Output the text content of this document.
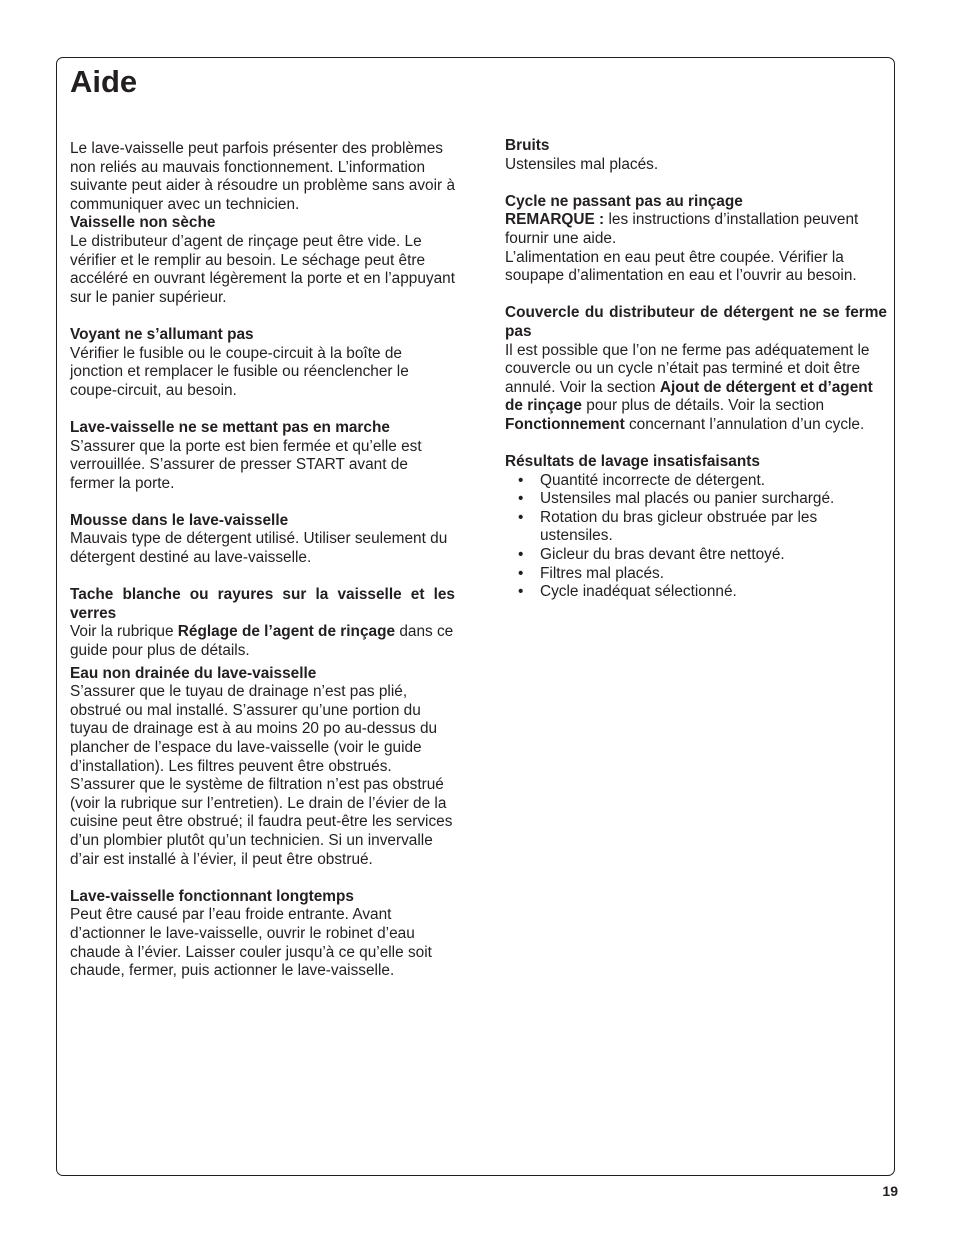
Aide

Le lave-vaisselle peut parfois présenter des problèmes non reliés au mauvais fonctionnement. L’information suivante peut aider à résoudre un problème sans avoir à communiquer avec un technicien.

Vaisselle non sèche

Le distributeur d’agent de rinçage peut être vide. Le vérifier et le remplir au besoin. Le séchage peut être accéléré en ouvrant légèrement la porte et en l’appuyant sur le panier supérieur.

Voyant ne s’allumant pas

Vérifier le fusible ou le coupe-circuit à la boîte de jonction et remplacer le fusible ou réenclencher le coupe-circuit, au besoin.

Lave-vaisselle ne se mettant pas en marche

S’assurer que la porte est bien fermée et qu’elle est verrouillée. S’assurer de presser START avant de fermer la porte.

Mousse dans le lave-vaisselle

Mauvais type de détergent utilisé. Utiliser seulement du détergent destiné au lave-vaisselle.

Tache blanche ou rayures sur la vaisselle et les verres

Voir la rubrique Réglage de l’agent de rinçage dans ce guide pour plus de détails.

Eau non drainée du lave-vaisselle

S’assurer que le tuyau de drainage n’est pas plié, obstrué ou mal installé. S’assurer qu’une portion du tuyau de drainage est à au moins 20 po au-dessus du plancher de l’espace du lave-vaisselle (voir le guide d’installation). Les filtres peuvent être obstrués. S’assurer que le système de filtration n’est pas obstrué (voir la rubrique sur l’entretien). Le drain de l’évier de la cuisine peut être obstrué; il faudra peut-être les services d’un plombier plutôt qu’un technicien. Si un invervalle d’air est installé à l’évier, il peut être obstrué.

Lave-vaisselle fonctionnant longtemps

Peut être causé par l’eau froide entrante. Avant d’actionner le lave-vaisselle, ouvrir le robinet d’eau chaude à l’évier. Laisser couler jusqu’à ce qu’elle soit chaude, fermer, puis actionner le lave-vaisselle.

Bruits

Ustensiles mal placés.

Cycle ne passant pas au rinçage

REMARQUE : les instructions d’installation peuvent fournir une aide.

L’alimentation en eau peut être coupée. Vérifier la soupape d’alimentation en eau et l’ouvrir au besoin.

Couvercle du distributeur de détergent ne se ferme pas

Il est possible que l’on ne ferme pas adéquatement le couvercle ou un cycle n’était pas terminé et doit être annulé. Voir la section Ajout de détergent et d’agent de rinçage pour plus de détails. Voir la section Fonctionnement concernant l’annulation d’un cycle.

Résultats de lavage insatisfaisants
• Quantité incorrecte de détergent.
• Ustensiles mal placés ou panier surchargé.
• Rotation du bras gicleur obstruée par les ustensiles.
• Gicleur du bras devant être nettoyé.
• Filtres mal placés.
• Cycle inadéquat sélectionné.
19
